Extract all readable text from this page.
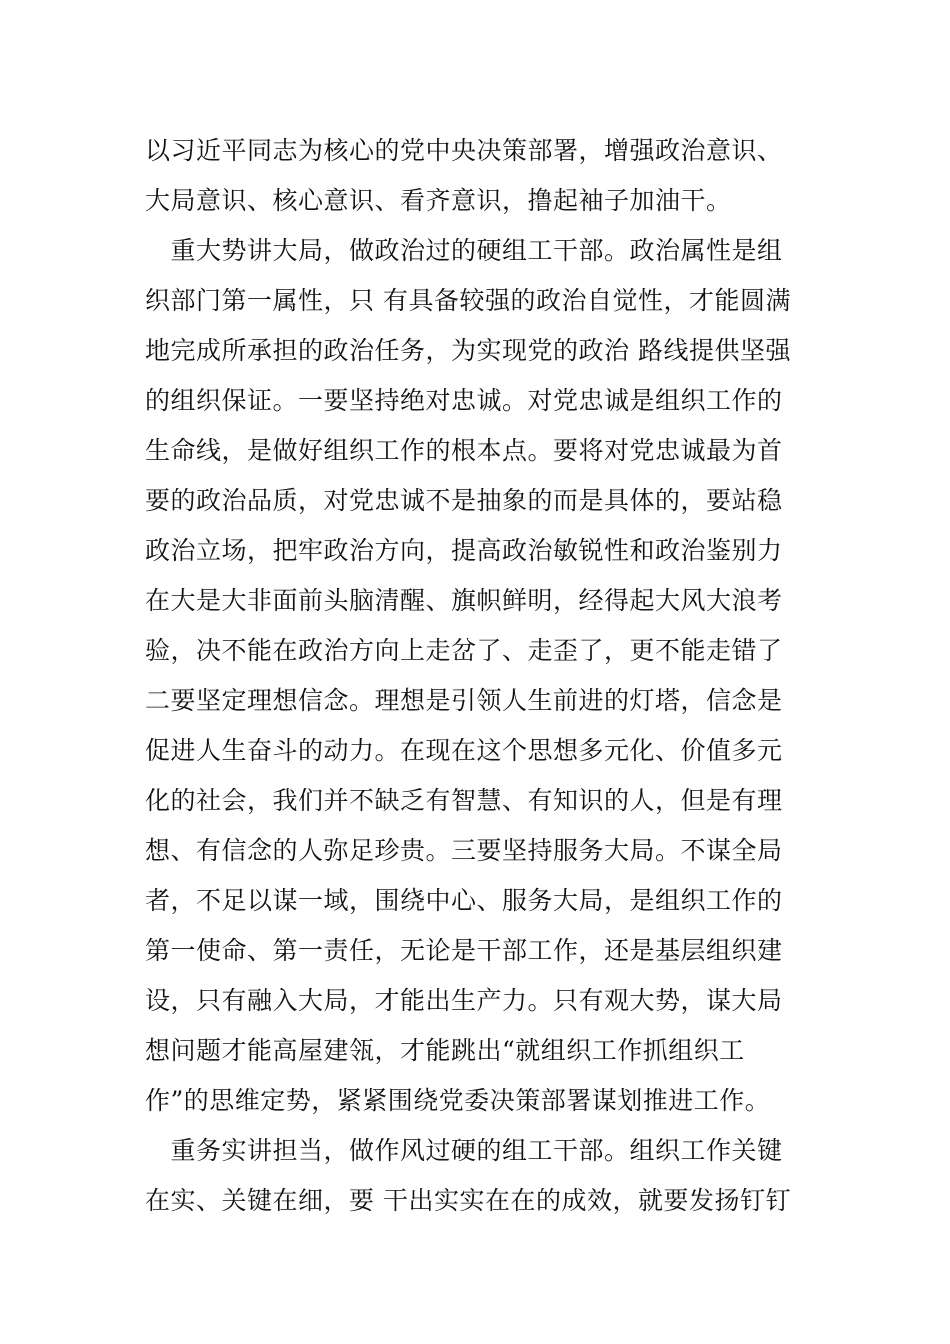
以习近平同志为核心的党中央决策部署，增强政治意识、
大局意识、核心意识、看齐意识，撸起袖子加油干。
　重大势讲大局，做政治过的硬组工干部。政治属性是组
织部门第一属性，只 有具备较强的政治自觉性，才能圆满
地完成所承担的政治任务，为实现党的政治 路线提供坚强
的组织保证。一要坚持绝对忠诚。对党忠诚是组织工作的
生命线，是做好组织工作的根本点。要将对党忠诚最为首
要的政治品质，对党忠诚不是抽象的而是具体的，要站稳
政治立场，把牢政治方向，提高政治敏锐性和政治鉴别力
在大是大非面前头脑清醒、旗帜鲜明，经得起大风大浪考
验，决不能在政治方向上走岔了、走歪了，更不能走错了
二要坚定理想信念。理想是引领人生前进的灯塔，信念是
促进人生奋斗的动力。在现在这个思想多元化、价值多元
化的社会，我们并不缺乏有智慧、有知识的人，但是有理
想、有信念的人弥足珍贵。三要坚持服务大局。不谋全局
者，不足以谋一域，围绕中心、服务大局，是组织工作的
第一使命、第一责任，无论是干部工作，还是基层组织建
设，只有融入大局，才能出生产力。只有观大势，谋大局
想问题才能高屋建瓴，才能跳出“就组织工作抓组织工
作”的思维定势，紧紧围绕党委决策部署谋划推进工作。
　重务实讲担当，做作风过硬的组工干部。组织工作关键
在实、关键在细，要 干出实实在在的成效，就要发扬钉钉
